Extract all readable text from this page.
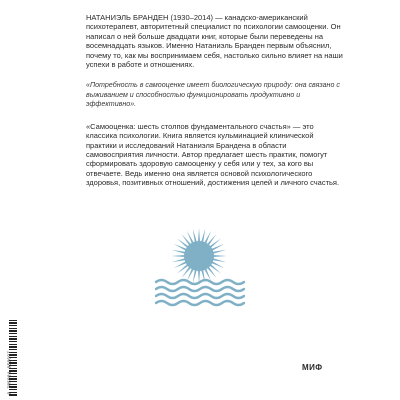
НАТАНИЭЛЬ БРАНДЕН (1930–2014) — канадско-американский психотерапевт, авторитетный специалист по психологии самооценки. Он написал о ней больше двадцати книг, которые были переведены на восемнадцать языков. Именно Натаниэль Бранден первым объяснил, почему то, как мы воспринимаем себя, настолько сильно влияет на наши успехи в работе и отношениях.

«Потребность в самооценке имеет биологическую природу: она связано с выживанием и способностью функционировать продуктивно и эффективно».

«Самооценка: шесть столпов фундаментального счастья» — это классика психологии. Книга является кульминацией клинической практики и исследований Натаниэля Брандена в области самовосприятия личности. Автор предлагает шесть практик, помогут сформировать здоровую самооценку у себя или у тех, за кого вы отвечаете. Ведь именно она является основой психологического здоровья, позитивных отношений, достижения целей и личного счастья.

9 785001 958697	МИФ
